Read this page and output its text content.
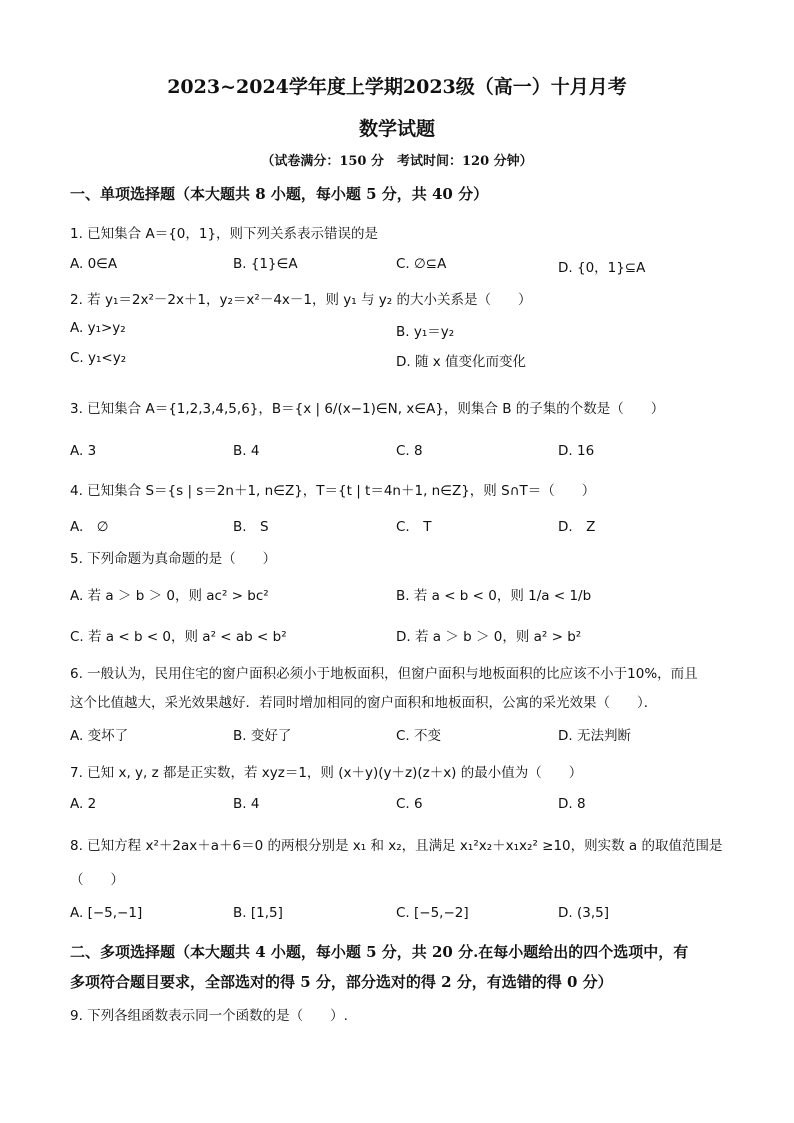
2023~2024学年度上学期2023级（高一）十月月考
数学试题
（试卷满分：150 分　考试时间：120 分钟）
一、单项选择题（本大题共 8 小题，每小题 5 分，共 40 分）
1. 已知集合 A＝{0，1}，则下列关系表示错误的是
A. 0∈A	B. {1}∈A	C. ∅⊆A	D. {0，1}⊆A
2. 若 y₁＝2x²－2x＋1，y₂＝x²－4x－1，则 y₁ 与 y₂ 的大小关系是（　　）
A. y₁>y₂	B. y₁＝y₂
C. y₁<y₂	D. 随 x 值变化而变化
3. 已知集合 A＝{1,2,3,4,5,6}，B＝{x | 6/(x−1)∈N, x∈A}，则集合 B 的子集的个数是（　　）
A. 3	B. 4	C. 8	D. 16
4. 已知集合 S＝{s | s＝2n＋1, n∈Z}，T＝{t | t＝4n＋1, n∈Z}，则 S∩T＝（　　）
A.　∅	B.　S	C.　T	D.　Z
5. 下列命题为真命题的是（　　）
A. 若 a ＞ b ＞ 0，则 ac² > bc²	B. 若 a < b < 0，则 1/a < 1/b
C. 若 a < b < 0，则 a² < ab < b²	D. 若 a ＞ b ＞ 0，则 a² > b²
6. 一般认为，民用住宅的窗户面积必须小于地板面积，但窗户面积与地板面积的比应该不小于10%，而且
这个比值越大，采光效果越好．若同时增加相同的窗户面积和地板面积，公寓的采光效果（　　）．
A. 变坏了	B. 变好了	C. 不变	D. 无法判断
7. 已知 x, y, z 都是正实数，若 xyz＝1，则 (x＋y)(y＋z)(z＋x) 的最小值为（　　）
A. 2	B. 4	C. 6	D. 8
8. 已知方程 x²＋2ax＋a＋6＝0 的两根分别是 x₁ 和 x₂，且满足 x₁²x₂＋x₁x₂² ≥10，则实数 a 的取值范围是
（　　）
A. [−5,−1]	B. [1,5]	C. [−5,−2]	D. (3,5]
二、多项选择题（本大题共 4 小题，每小题 5 分，共 20 分.在每小题给出的四个选项中，有
多项符合题目要求，全部选对的得 5 分，部分选对的得 2 分，有选错的得 0 分）
9. 下列各组函数表示同一个函数的是（　　）.
